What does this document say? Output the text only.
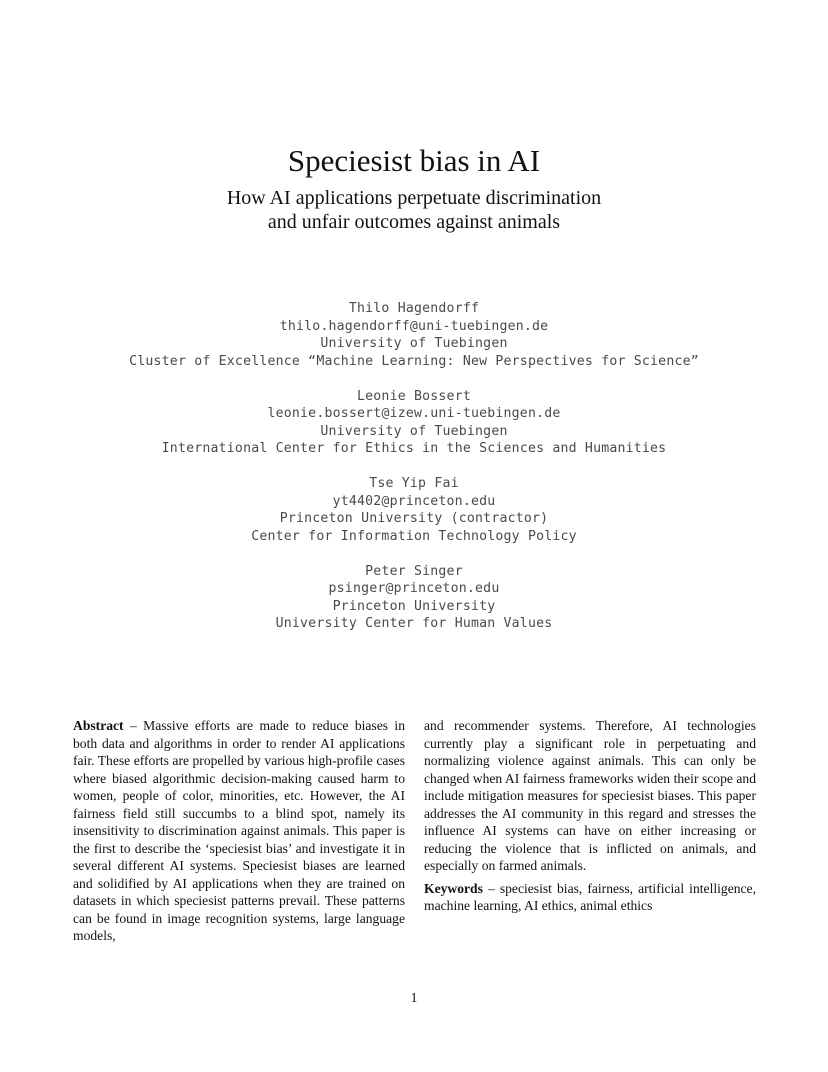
Speciesist bias in AI
How AI applications perpetuate discrimination
and unfair outcomes against animals
Thilo Hagendorff
thilo.hagendorff@uni-tuebingen.de
University of Tuebingen
Cluster of Excellence “Machine Learning: New Perspectives for Science”
Leonie Bossert
leonie.bossert@izew.uni-tuebingen.de
University of Tuebingen
International Center for Ethics in the Sciences and Humanities
Tse Yip Fai
yt4402@princeton.edu
Princeton University (contractor)
Center for Information Technology Policy
Peter Singer
psinger@princeton.edu
Princeton University
University Center for Human Values

Abstract – Massive efforts are made to reduce biases in both data and algorithms in order to render AI applications fair. These efforts are propelled by various high-profile cases where biased algorithmic decision-making caused harm to women, people of color, minorities, etc. However, the AI fairness field still succumbs to a blind spot, namely its insensitivity to discrimination against animals. This paper is the first to describe the ‘speciesist bias’ and investigate it in several different AI systems. Speciesist biases are learned and solidified by AI applications when they are trained on datasets in which speciesist patterns prevail. These patterns can be found in image recognition systems, large language models,

and recommender systems. Therefore, AI technologies currently play a significant role in perpetuating and normalizing violence against animals. This can only be changed when AI fairness frameworks widen their scope and include mitigation measures for speciesist biases. This paper addresses the AI community in this regard and stresses the influence AI systems can have on either increasing or reducing the violence that is inflicted on animals, and especially on farmed animals.

Keywords – speciesist bias, fairness, artificial intelligence, machine learning, AI ethics, animal ethics

1
